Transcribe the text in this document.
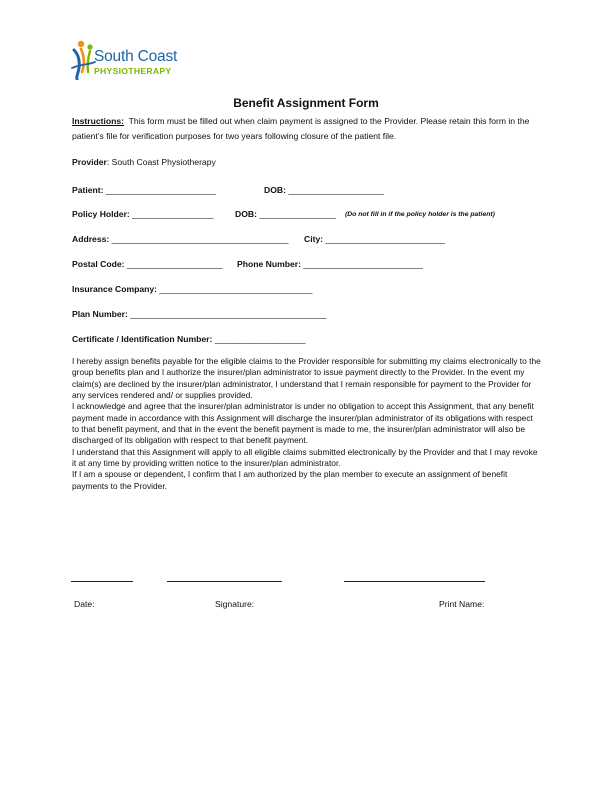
South Coast
PHYSIOTHERAPY
Benefit Assignment Form
Instructions: This form must be filled out when claim payment is assigned to the Provider. Please retain this form in the patient’s file for verification purposes for two years following closure of the patient file.
Provider: South Coast Physiotherapy
Patient: _______________________	DOB: ____________________
Policy Holder: _________________	DOB: ________________ (Do not fill in if the policy holder is the patient)
Address: _____________________________________ City: _________________________
Postal Code: ____________________ Phone Number: _________________________
Insurance Company: ________________________________
Plan Number: _________________________________________
Certificate / Identification Number: ___________________

I hereby assign benefits payable for the eligible claims to the Provider responsible for submitting my claims electronically to the group benefits plan and I authorize the insurer/plan administrator to issue payment directly to the Provider. In the event my claim(s) are declined by the insurer/plan administrator, I understand that I remain responsible for payment to the Provider for any services rendered and/ or supplies provided.

I acknowledge and agree that the insurer/plan administrator is under no obligation to accept this Assignment, that any benefit payment made in accordance with this Assignment will discharge the insurer/plan administrator of its obligations with respect to that benefit payment, and that in the event the benefit payment is made to me, the insurer/plan administrator will also be discharged of its obligation with respect to that benefit payment.

I understand that this Assignment will apply to all eligible claims submitted electronically by the Provider and that I may revoke it at any time by providing written notice to the insurer/plan administrator.

If I am a spouse or dependent, I confirm that I am authorized by the plan member to execute an assignment of benefit payments to the Provider.

Date:	Signature:	Print Name:
